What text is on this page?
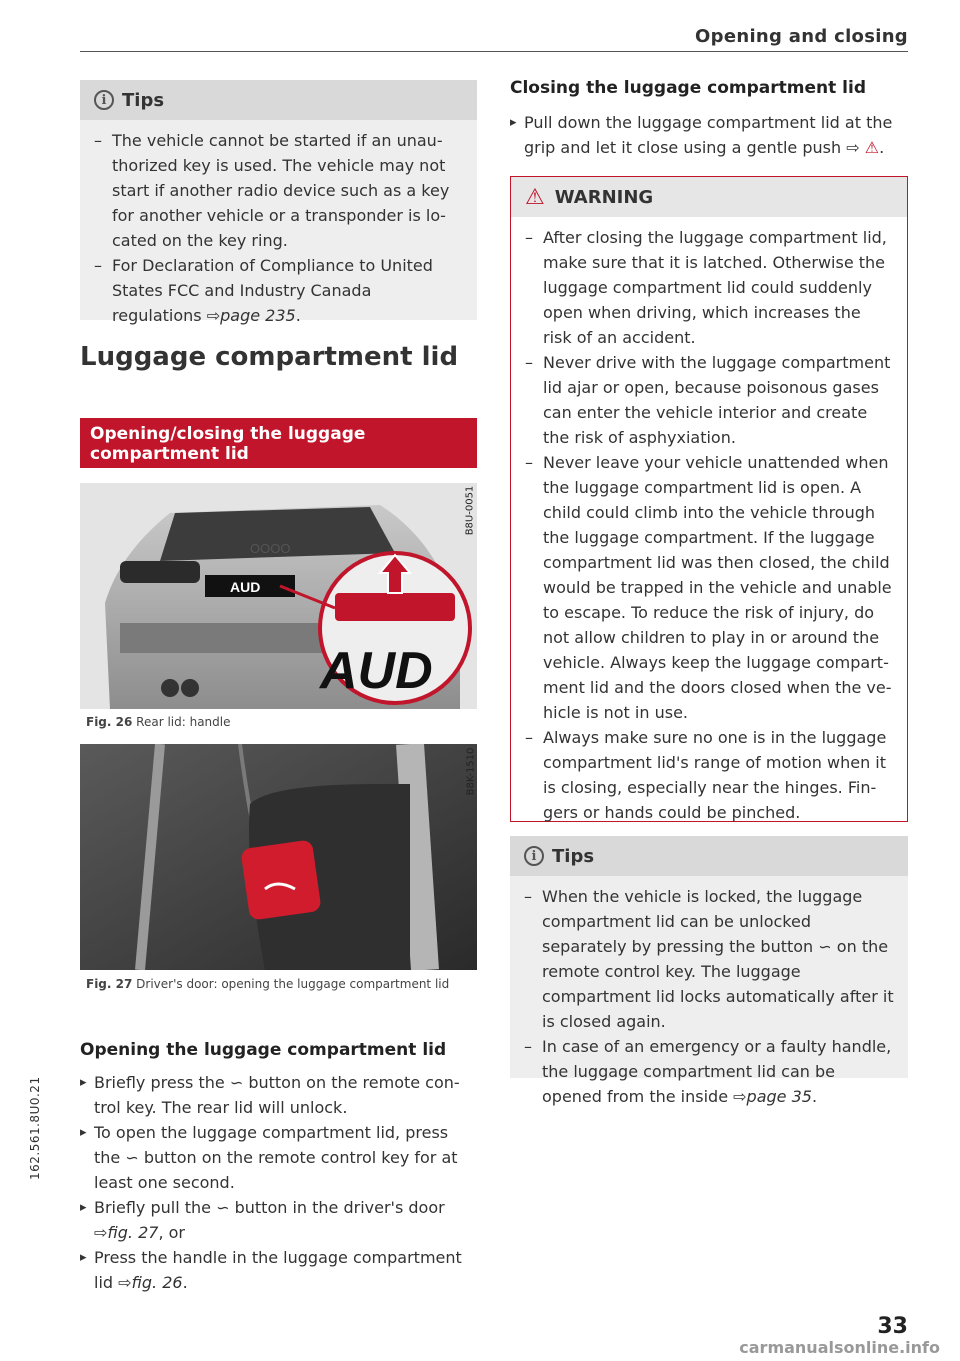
Opening and closing
i Tips
– The vehicle cannot be started if an unauthorized key is used. The vehicle may not start if another radio device such as a key for another vehicle or a transponder is located on the key ring.
– For Declaration of Compliance to United States FCC and Industry Canada regulations ⇨page 235.
Luggage compartment lid
Opening/closing the luggage compartment lid
OOOO
AUD
AUD
B8U-0051
Fig. 26 Rear lid: handle
B8K-1510
Fig. 27 Driver's door: opening the luggage compartment lid
Opening the luggage compartment lid
▸ Briefly press the ∽ button on the remote control key. The rear lid will unlock.
▸ To open the luggage compartment lid, press the ∽ button on the remote control key for at least one second.
▸ Briefly pull the ∽ button in the driver's door
⇨fig. 27, or
▸ Press the handle in the luggage compartment lid ⇨fig. 26.
Closing the luggage compartment lid
▸ Pull down the luggage compartment lid at the grip and let it close using a gentle push ⇨ ⚠.
⚠ WARNING
– After closing the luggage compartment lid, make sure that it is latched. Otherwise the luggage compartment lid could suddenly open when driving, which increases the risk of an accident.
– Never drive with the luggage compartment lid ajar or open, because poisonous gases can enter the vehicle interior and create the risk of asphyxiation.
– Never leave your vehicle unattended when the luggage compartment lid is open. A child could climb into the vehicle through the luggage compartment. If the luggage compartment lid was then closed, the child would be trapped in the vehicle and unable to escape. To reduce the risk of injury, do not allow children to play in or around the vehicle. Always keep the luggage compartment lid and the doors closed when the vehicle is not in use.
– Always make sure no one is in the luggage compartment lid's range of motion when it is closing, especially near the hinges. Fingers or hands could be pinched.
i Tips
– When the vehicle is locked, the luggage compartment lid can be unlocked separately by pressing the button ∽ on the remote control key. The luggage compartment lid locks automatically after it is closed again.
– In case of an emergency or a faulty handle, the luggage compartment lid can be opened from the inside ⇨page 35.
162.561.8U0.21
33
carmanualsonline.info
